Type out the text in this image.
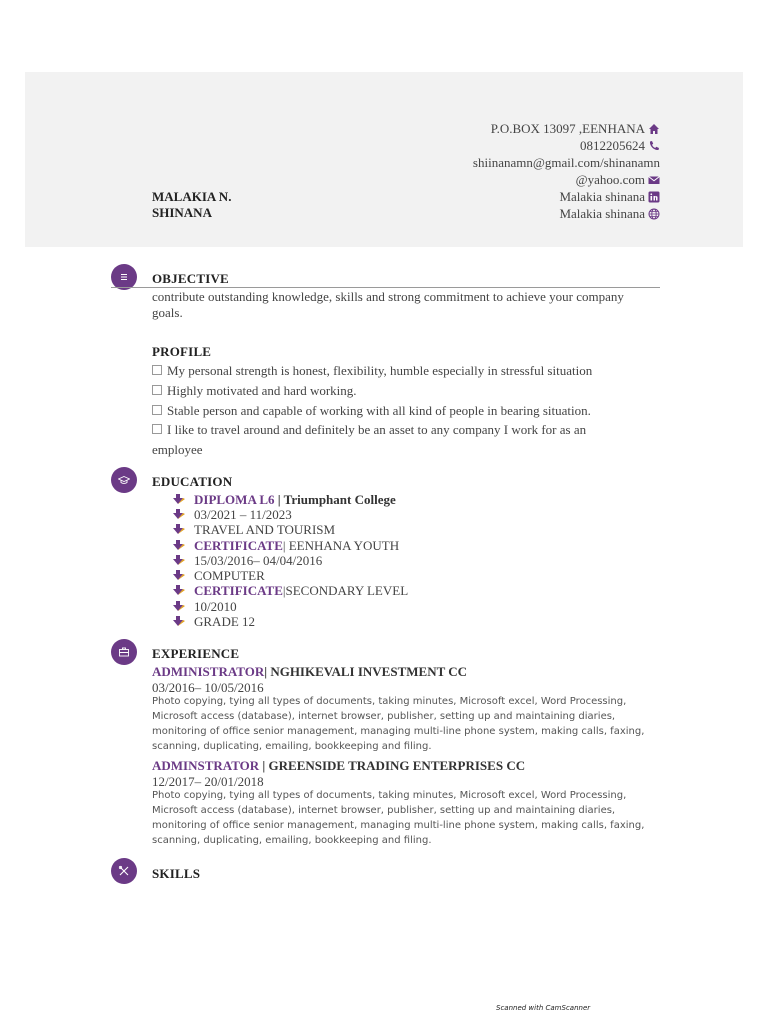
MALAKIA N.
SHINANA
P.O.BOX 13097 ,EENHANA
0812205624
shiinanamn@gmail.com/shinanamn
@yahoo.com
Malakia shinana
Malakia shinana
OBJECTIVE
contribute outstanding knowledge, skills and strong commitment to achieve your company goals.
PROFILE
My personal strength is honest, flexibility, humble especially in stressful situation
Highly motivated and hard working.
Stable person and capable of working with all kind of people in bearing situation.
I like to travel around and definitely be an asset to any company I work for as an employee
EDUCATION
DIPLOMA L6 | Triumphant College
03/2021 – 11/2023
TRAVEL AND TOURISM
CERTIFICATE| EENHANA YOUTH
15/03/2016– 04/04/2016
COMPUTER
CERTIFICATE|SECONDARY LEVEL
10/2010
GRADE 12
EXPERIENCE
ADMINISTRATOR| NGHIKEVALI INVESTMENT CC
03/2016– 10/05/2016
Photo copying, tying all types of documents, taking minutes, Microsoft excel, Word Processing, Microsoft access (database), internet browser, publisher, setting up and maintaining diaries, monitoring of office senior management, managing multi-line phone system, making calls, faxing, scanning, duplicating, emailing, bookkeeping and filing.
ADMINSTRATOR | GREENSIDE TRADING ENTERPRISES CC
12/2017– 20/01/2018
Photo copying, tying all types of documents, taking minutes, Microsoft excel, Word Processing, Microsoft access (database), internet browser, publisher, setting up and maintaining diaries, monitoring of office senior management, managing multi-line phone system, making calls, faxing, scanning, duplicating, emailing, bookkeeping and filing.
SKILLS
Scanned with CamScanner
